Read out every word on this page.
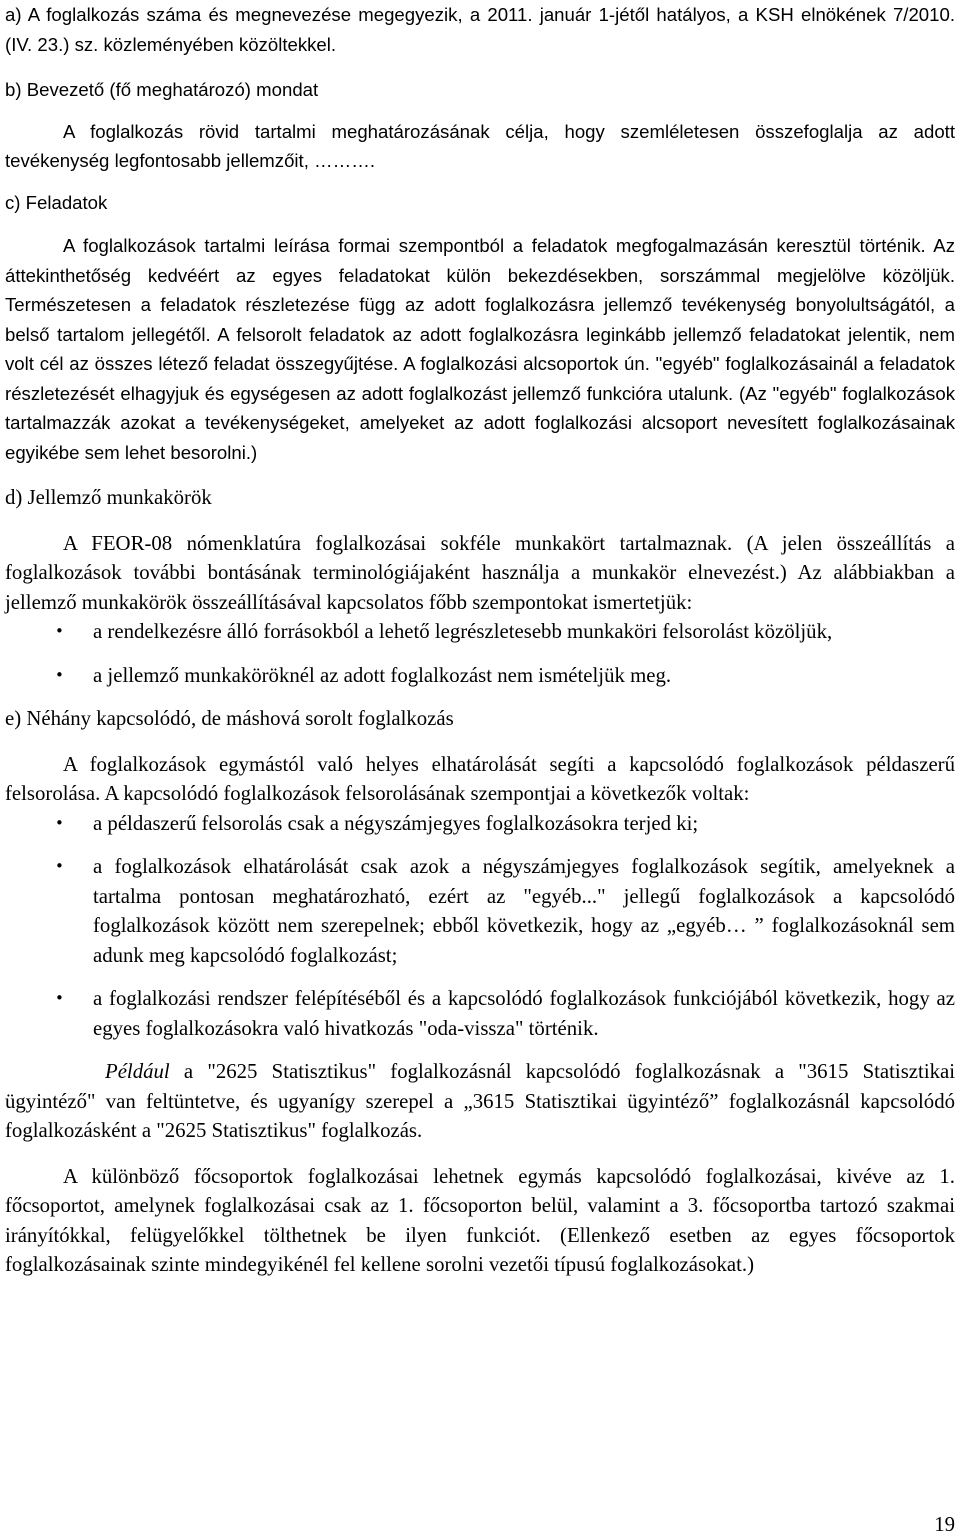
a) A foglalkozás száma és megnevezése megegyezik, a 2011. január 1-jétől hatályos, a KSH elnökének 7/2010. (IV. 23.) sz. közleményében közöltekkel.

b) Bevezető (fő meghatározó) mondat

A foglalkozás rövid tartalmi meghatározásának célja, hogy szemléletesen összefoglalja az adott tevékenység legfontosabb jellemzőit, ……….

c) Feladatok

A foglalkozások tartalmi leírása formai szempontból a feladatok megfogalmazásán keresztül történik. Az áttekinthetőség kedvéért az egyes feladatokat külön bekezdésekben, sorszámmal megjelölve közöljük. Természetesen a feladatok részletezése függ az adott foglalkozásra jellemző tevékenység bonyolultságától, a belső tartalom jellegétől. A felsorolt feladatok az adott foglalkozásra leginkább jellemző feladatokat jelentik, nem volt cél az összes létező feladat összegyűjtése. A foglalkozási alcsoportok ún. "egyéb" foglalkozásainál a feladatok részletezését elhagyjuk és egységesen az adott foglalkozást jellemző funkcióra utalunk. (Az "egyéb" foglalkozások tartalmazzák azokat a tevékenységeket, amelyeket az adott foglalkozási alcsoport nevesített foglalkozásainak egyikébe sem lehet besorolni.)

d) Jellemző munkakörök

A FEOR-08 nómenklatúra foglalkozásai sokféle munkakört tartalmaznak. (A jelen összeállítás a foglalkozások további bontásának terminológiájaként használja a munkakör elnevezést.) Az alábbiakban a jellemző munkakörök összeállításával kapcsolatos főbb szempontokat ismertetjük:

• a rendelkezésre álló forrásokból a lehető legrészletesebb munkaköri felsorolást közöljük,
• a jellemző munkaköröknél az adott foglalkozást nem ismételjük meg.

e) Néhány kapcsolódó, de máshová sorolt foglalkozás

A foglalkozások egymástól való helyes elhatárolását segíti a kapcsolódó foglalkozások példaszerű felsorolása. A kapcsolódó foglalkozások felsorolásának szempontjai a következők voltak:

• a példaszerű felsorolás csak a négyszámjegyes foglalkozásokra terjed ki;
• a foglalkozások elhatárolását csak azok a négyszámjegyes foglalkozások segítik, amelyeknek a tartalma pontosan meghatározható, ezért az "egyéb..." jellegű foglalkozások a kapcsolódó foglalkozások között nem szerepelnek; ebből következik, hogy az „egyéb… ” foglalkozásoknál sem adunk meg kapcsolódó foglalkozást;
• a foglalkozási rendszer felépítéséből és a kapcsolódó foglalkozások funkciójából következik, hogy az egyes foglalkozásokra való hivatkozás "oda-vissza" történik.

Például a "2625 Statisztikus" foglalkozásnál kapcsolódó foglalkozásnak a "3615 Statisztikai ügyintéző" van feltüntetve, és ugyanígy szerepel a „3615 Statisztikai ügyintéző” foglalkozásnál kapcsolódó foglalkozásként a "2625 Statisztikus" foglalkozás.

A különböző főcsoportok foglalkozásai lehetnek egymás kapcsolódó foglalkozásai, kivéve az 1. főcsoportot, amelynek foglalkozásai csak az 1. főcsoporton belül, valamint a 3. főcsoportba tartozó szakmai irányítókkal, felügyelőkkel tölthetnek be ilyen funkciót. (Ellenkező esetben az egyes főcsoportok foglalkozásainak szinte mindegyikénél fel kellene sorolni vezetői típusú foglalkozásokat.)

19
